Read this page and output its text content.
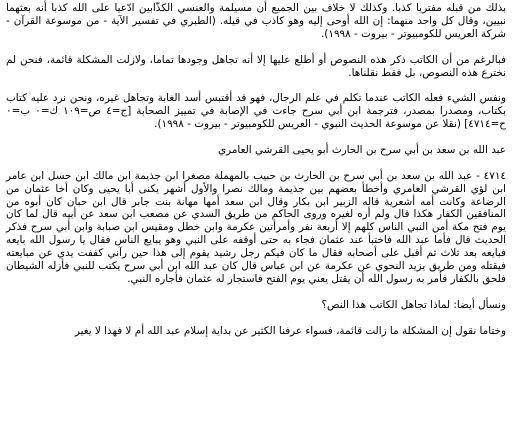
بذلك من قبله مفتريا كذبا. وكذلك لا خلاف بين الجميع أن مسيلمة والعنسي الكذّابين ادّعيا على الله كذبا أنه بعثهما نبيين، وقال كل واحد منهما: إن الله أوحى إليه وهو كاذب في قيله. (الطبري في تفسير الآية - من موسوعة القرآن - شركة العريس للكومبيوتر - بيروت - ١٩٩٨).

فبالرغم من أن الكاتب ذكر هذه النصوص أو أطلع عليها إلا أنه تجاهل وجودها تماما، ولازلت المشكلة قائمة، فنحن لم نخترع هذه النصوص، بل فقط نقلناها.

ونفس الشيء فعله الكاتب عندما تكلم في علم الرجال، فهو قد أقتبس أسد الغابة وتجاهل غيره، ونحن نرد عليه كتاب بكتاب، ومصدرا بمصدر، فترجمة ابن أبي سرح جاءت في الإصابة في تمييز الصحابة [ج=٤ ص=١٠٩ ك=٠ ب=٠ ح=٤٧١٤] (نقلا عن موسوعة الحديث النبوي - العريس للكومبيوتر - بيروت - ١٩٩٨).

عبد الله بن سعد بن أبي سرح بن الحارث أبو يحيى القرشي العامري

٤٧١٤ - عبد الله بن سعد بن أبي سرح بن الحارث بن حبيب بالمهملة مصغرا ابن جذيمة ابن مالك ابن حسل ابن عامر ابن لؤي القرشي العامري وأخطأ بعضهم بين جذيمة ومالك نصرا والأول أشهر يكنى أبا يحيى وكان أخا عثمان من الرضاعة وكانت أمه أشعرية قاله الزبير ابن بكار وقال ابن سعد أمها مهانة بنت جابر قال ابن حبان كان أبوه من المنافقين الكفار هكذا قال ولم أره لغيره وروى الحاكم من طريق السدي عن مصعب ابن سعد عن أبيه قال لما كان يوم فتح مكة أمن النبي الناس كلهم إلا أربعة نفر وأمرأتين عكرمة وابن خطل ومقيس ابن صبابة وابن أبي سرح فذكر الحديث قال فأما عبد الله فاختبأ عند عثمان فجاء به حتى أوقفه على النبي وهو يبايع الناس فقال يا رسول الله بايعه فبايعه بعد ثلاث ثم أقبل على أصحابه فقال ما كان فيكم رجل رشيد يقوم إلى هذا حين رآني كففت يدي عن مبايعته فيقتله ومن طريق يزيد النحوي عن عكرمة عن ابن عباس قال كان عبد الله ابن أبي سرح يكتب للنبي فأزله الشيطان فلحق بالكفار فأمر به رسول الله أن يقتل يعني يوم الفتح فاستجار له عثمان فأجاره النبي.

ونسأل أيضا: لماذا تجاهل الكاتب هذا النص؟

وختاما نقول إن المشكلة ما زالت قائمة، فسواء عرفنا الكثير عن بداية إسلام عبد الله أم لا فهذا لا يغير
